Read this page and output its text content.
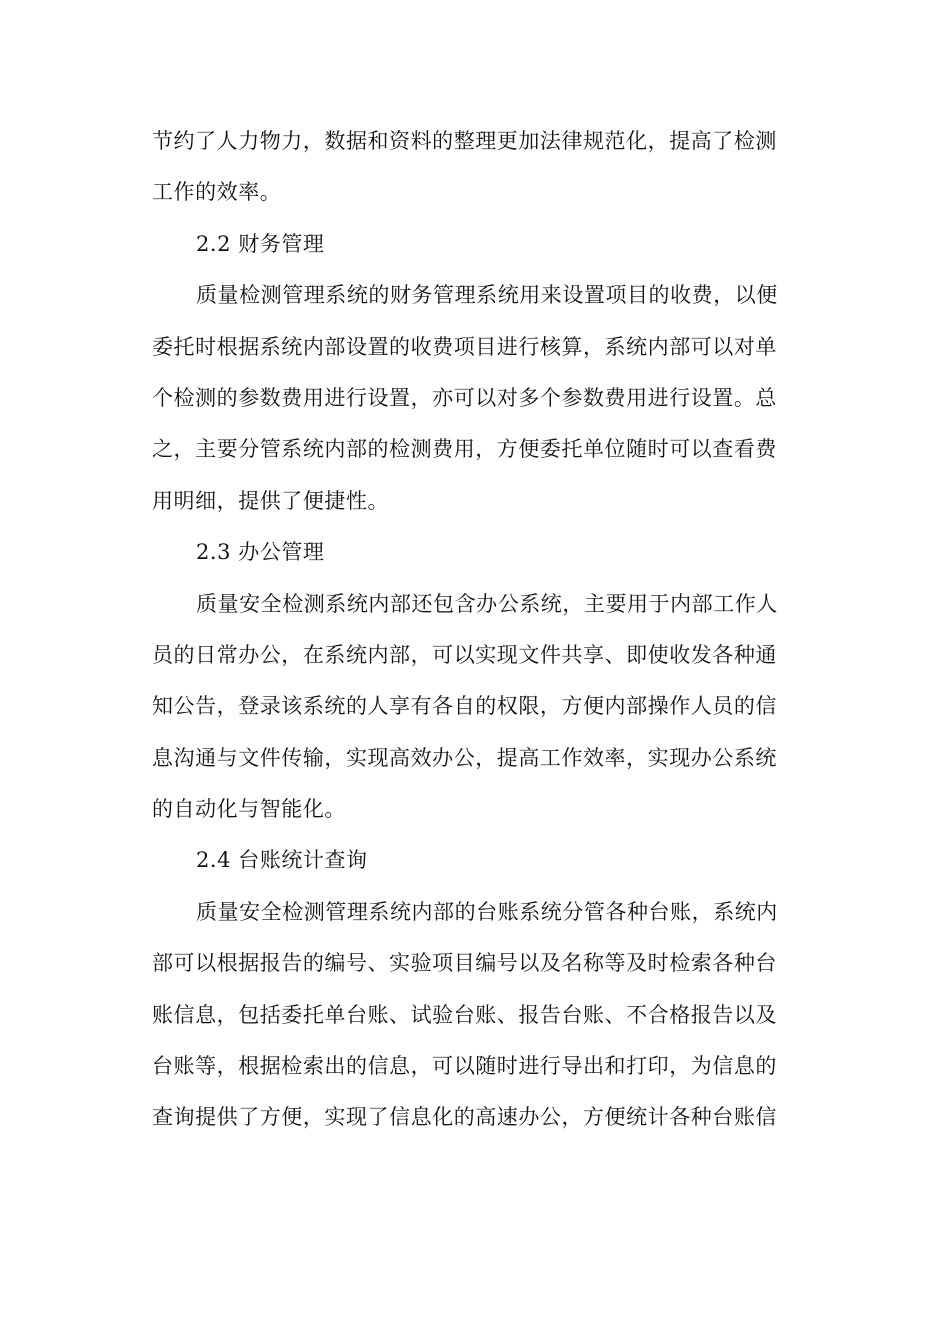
节约了人力物力，数据和资料的整理更加法律规范化，提高了检测
工作的效率。
2.2 财务管理
质量检测管理系统的财务管理系统用来设置项目的收费，以便
委托时根据系统内部设置的收费项目进行核算，系统内部可以对单
个检测的参数费用进行设置，亦可以对多个参数费用进行设置。总
之，主要分管系统内部的检测费用，方便委托单位随时可以查看费
用明细，提供了便捷性。
2.3 办公管理
质量安全检测系统内部还包含办公系统，主要用于内部工作人
员的日常办公，在系统内部，可以实现文件共享、即使收发各种通
知公告，登录该系统的人享有各自的权限，方便内部操作人员的信
息沟通与文件传输，实现高效办公，提高工作效率，实现办公系统
的自动化与智能化。
2.4 台账统计查询
质量安全检测管理系统内部的台账系统分管各种台账，系统内
部可以根据报告的编号、实验项目编号以及名称等及时检索各种台
账信息，包括委托单台账、试验台账、报告台账、不合格报告以及
台账等，根据检索出的信息，可以随时进行导出和打印，为信息的
查询提供了方便，实现了信息化的高速办公，方便统计各种台账信
